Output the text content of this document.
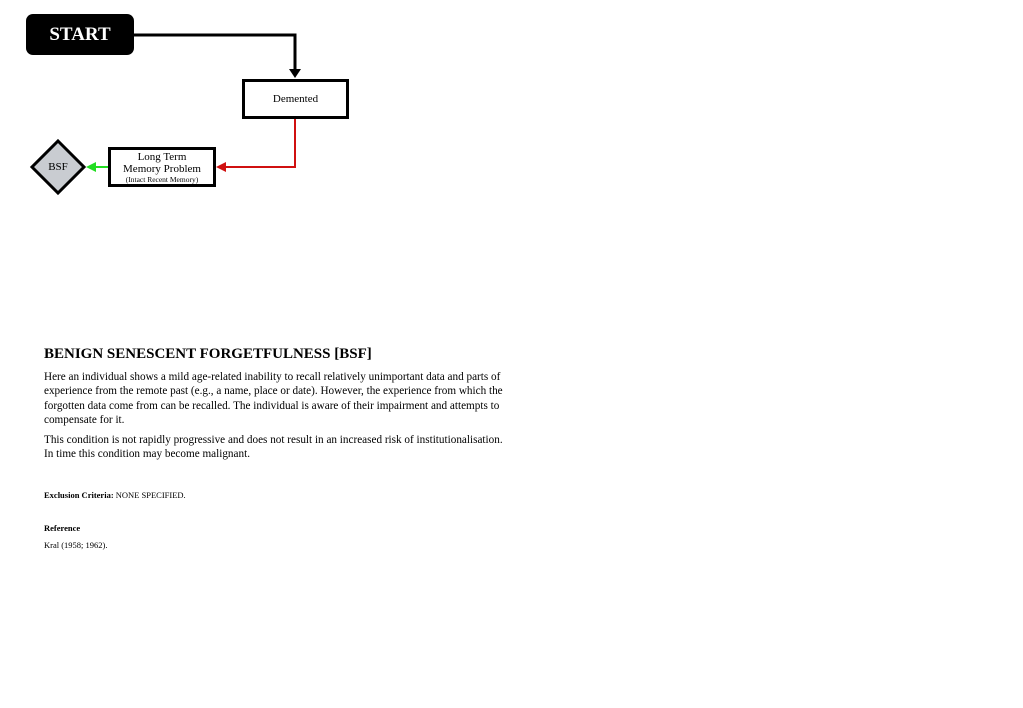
START
Demented
Long Term
Memory Problem
(Intact Recent Memory)
BSF
BENIGN SENESCENT FORGETFULNESS [BSF]

Here an individual shows a mild age-related inability to recall relatively unimportant data and parts of experience from the remote past (e.g., a name, place or date). However, the experience from which the forgotten data come from can be recalled. The individual is aware of their impairment and attempts to compensate for it.

This condition is not rapidly progressive and does not result in an increased risk of institutionalisation. In time this condition may become malignant.

Exclusion Criteria: NONE SPECIFIED.
Reference
Kral (1958; 1962).
